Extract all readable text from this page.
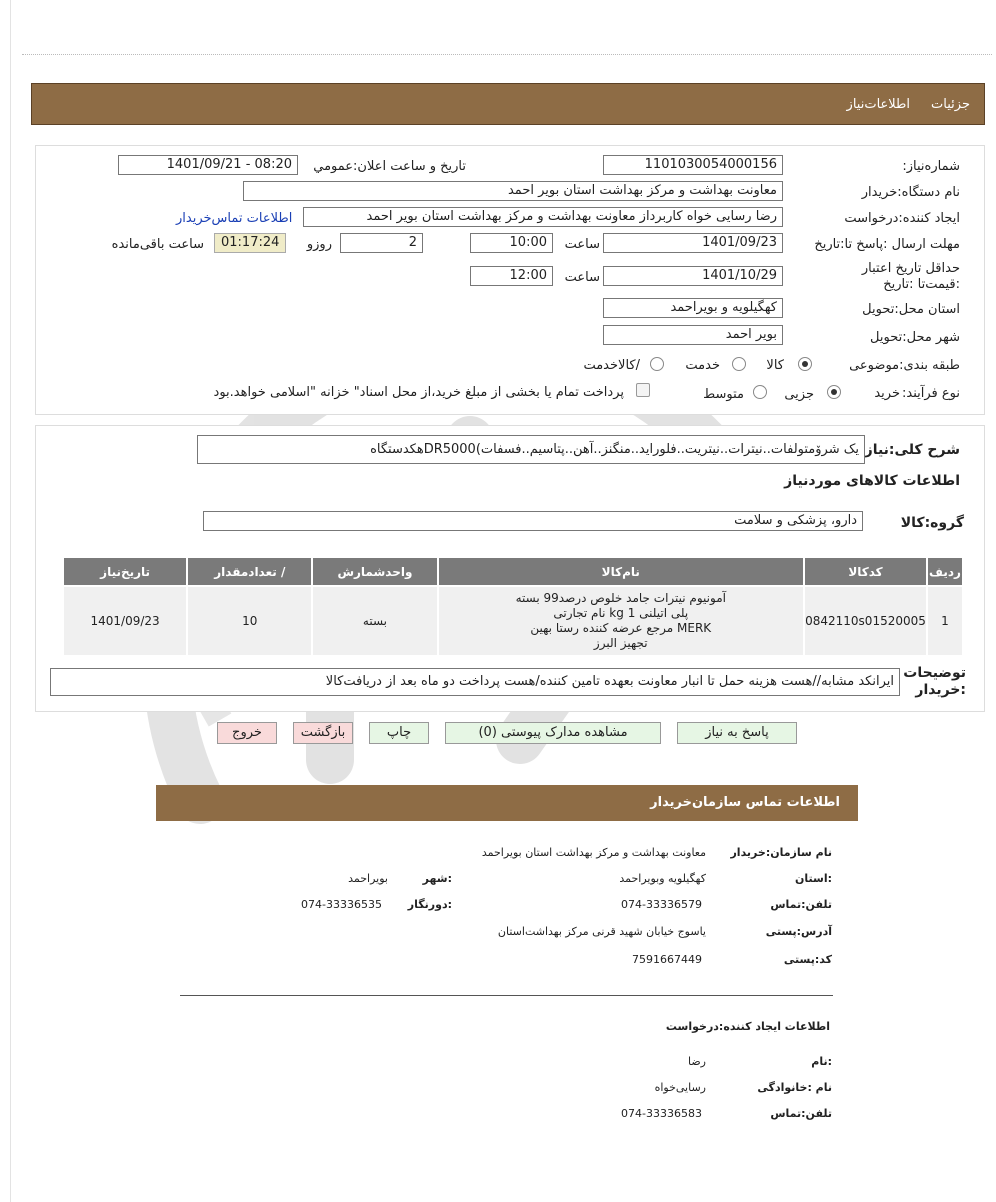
جزئیات
اطلاعات‌نیاز
شماره‌نیاز:
1101030054000156
تاریخ و ساعت اعلان:عمومي
1401/09/21 - 08:20
نام دستگاه:خریدار
معاونت بهداشت و مرکز بهداشت استان بویر احمد
ایجاد کننده:درخواست
رضا رسایی خواه کاربرداز معاونت بهداشت و مرکز بهداشت استان بویر احمد
اطلاعات تماس‌خریدار
مهلت ارسال :پاسخ تا:تاریخ
1401/09/23
ساعت
10:00
2
روزو
01:17:24
ساعت باقی‌مانده
حداقل تاریخ اعتبار :قیمت‌تا :تاریخ
1401/10/29
ساعت
12:00
استان محل:تحویل
کهگیلویه و بویراحمد
شهر محل:تحویل
بویر احمد
طبقه بندی:موضوعی
کالا
خدمت
/کالاخدمت
نوع فرآیند:
خرید
جزیی
متوسط
پرداخت تمام یا بخشی از مبلغ خرید،از محل اسناد" خزانه "اسلامی خواهد.بود
شرح کلی:نیاز
یک شرۆمتولفات..نیترات..نیتریت..فلوراید..منگنز..آهن..پتاسیم..فسفات)DR5000هکدستگاه
اطلاعات کالاهای موردنیاز
گروه:کالا
دارو، پزشکی و سلامت
ردیف	کدکالا	نام‌کالا	واحدشمارش	/ تعدادمقدار	تاریخ‌نیاز
1	0842110s01520005	آمونیوم نیترات جامد خلوص درصد99 بسته
پلی اتیلنی 1 kg نام تجارتی
MERK مرجع عرضه کننده رستا بهین
تجهیز البرز	بسته	10	1401/09/23
توضیحات :خریدار
ایرانکد مشابه//هست هزینه حمل تا انبار معاونت بعهده تامین کننده/هست پرداخت دو ماه بعد از دریافت‌کالا
پاسخ به نیاز
مشاهده مدارک پیوستی (0)
چاپ
بازگشت
خروج
اطلاعات تماس سازمان‌خریدار
نام سازمان:خریدار
معاونت بهداشت و مرکز بهداشت استان بویراحمد
:استان
کهگیلویه وبویراحمد
:شهر
بویراحمد
تلفن:تماس
074-33336579
:دورنگار
074-33336535
آدرس:پستی
یاسوج خیابان شهید قرنی مرکز بهداشت‌استان
کد:پستی
7591667449
اطلاعات ایجاد کننده:درخواست
:نام
رضا
نام :خانوادگی
رسایی‌خواه
تلفن:تماس
074-33336583
